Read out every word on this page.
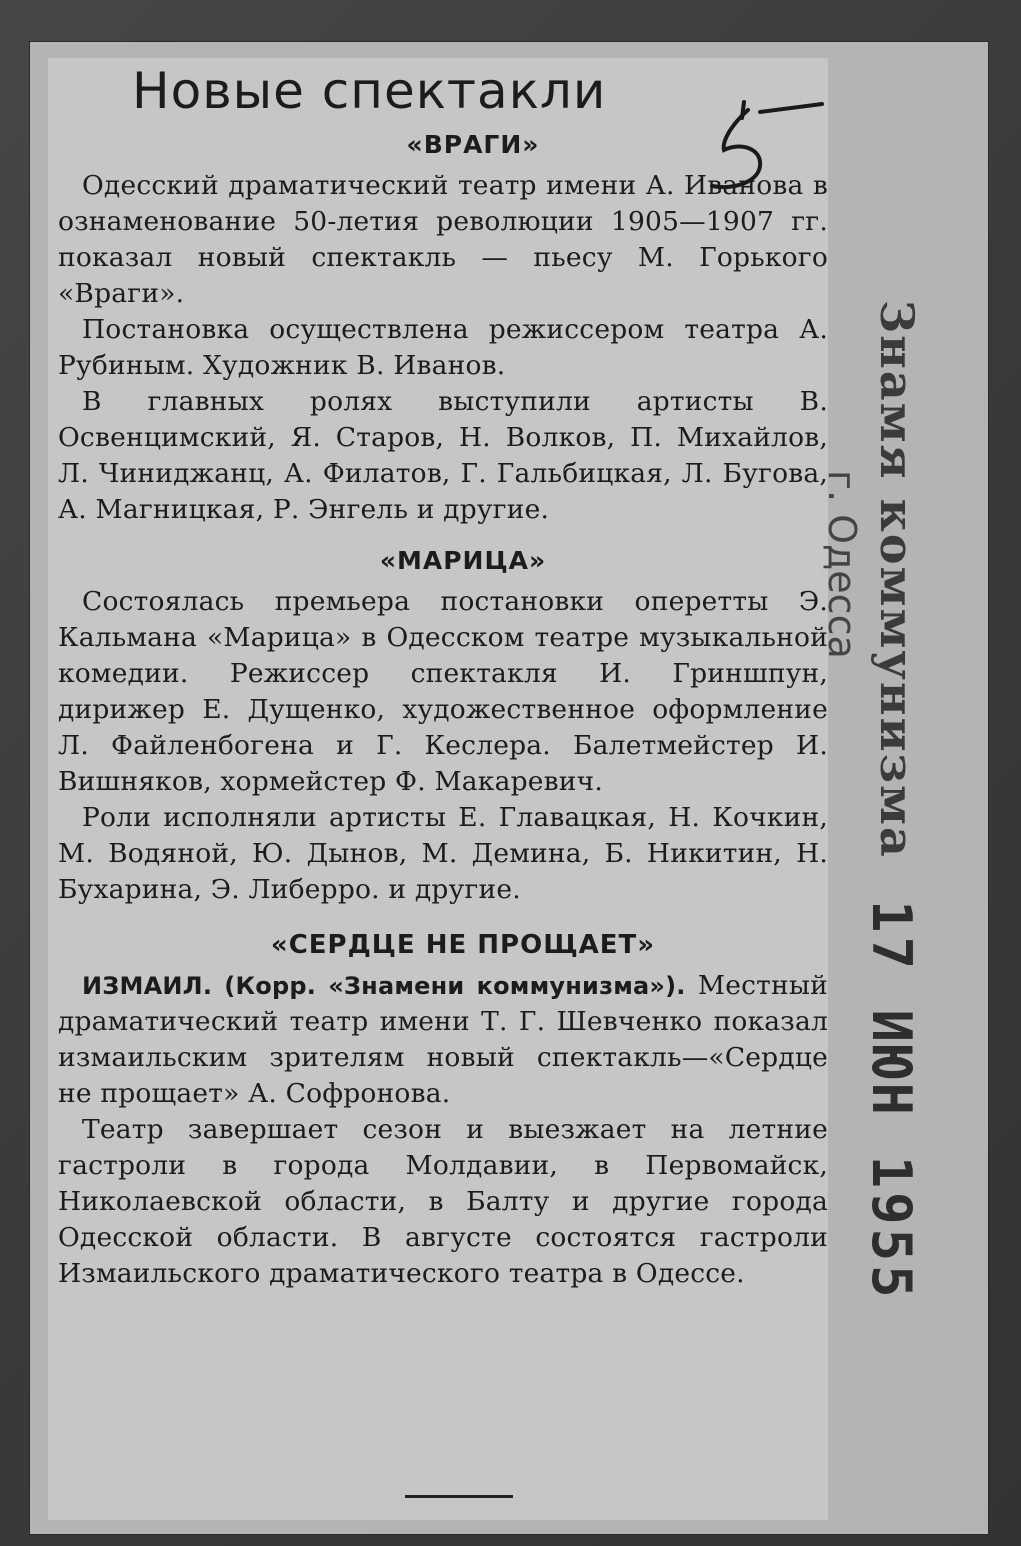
Новые спектакли
«ВРАГИ»

Одесский драматический театр имени А. Иванова в ознаменование 50-летия революции 1905—1907 гг. показал новый спектакль — пьесу М. Горького «Враги».

Постановка осуществлена режиссером театра А. Рубиным. Художник В. Иванов.

В главных ролях выступили артисты В. Освенцимский, Я. Старов, Н. Волков, П. Михайлов, Л. Чиниджанц, А. Филатов, Г. Гальбицкая, Л. Бугова, А. Магницкая, Р. Энгель и другие.

«МАРИЦА»

Состоялась премьера постановки оперетты Э. Кальмана «Марица» в Одесском театре музыкальной комедии. Режиссер спектакля И. Гриншпун, дирижер Е. Дущенко, художественное оформление Л. Файленбогена и Г. Кеслера. Балетмейстер И. Вишняков, хормейстер Ф. Макаревич.

Роли исполняли артисты Е. Главацкая, Н. Кочкин, М. Водяной, Ю. Дынов, М. Демина, Б. Никитин, Н. Бухарина, Э. Либерро. и другие.

«СЕРДЦЕ НЕ ПРОЩАЕТ»

ИЗМАИЛ. (Корр. «Знамени коммунизма»). Местный драматический театр имени Т. Г. Шевченко показал измаильским зрителям новый спектакль—«Сердце не прощает» А. Софронова.

Театр завершает сезон и выезжает на летние гастроли в города Молдавии, в Первомайск, Николаевской области, в Балту и другие города Одесской области. В августе состоятся гастроли Измаильского драматического театра в Одессе.

Знамя коммунизма
г. Одесса
17 ИЮН 1955
